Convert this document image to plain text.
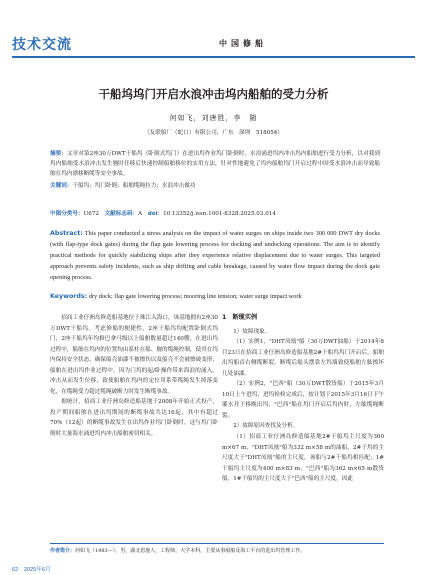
技术交流	中国修船
干船坞坞门开启水浪冲击坞内船舶的受力分析
何如飞，刘唐胜，李　随
（友联船厂（蛇口）有限公司，广东　深圳　518054）
摘要：文章对第2座30万DWT干船坞（卧倒式坞门）在进出坞作业坞门卧倒时，水浪涌进坞内冲击坞内船舶进行受力分析，以对我到坞内船舶受水浪冲击发生翘时任移后快速控制船舶移位的实用方法，针对性地避免了坞内船舶坞门开启过程中因受水浪冲击而导致船舶在坞内漂移断缆等安全事故。
关键词：干船坞；坞门卧倒；船舶缆绳拉力；水浪冲击做功
中图分类号：U672  文献标志码：A  doi：10.13352/j.issn.1001-8328.2025.03.014
Abstract: This paper conducted a stress analysis on the impact of water surges on ships inside two 300 000 DWT dry docks (with flap-type dock gates) during the flap gate lowering process for docking and undocking operations. The aim is to identify practical methods for quickly stabilizing ships after they experience relative displacement due to water surges. This targeted approach prevents safety incidents, such as ship drifting and cable breakage, caused by water flow impact during the dock gate opening process.
Keywords: dry dock; flap gate lowering process; mooring line tension; water surge impact work

招商工业仔洲岛修造船基地位于珠江入海口，该基地拥有2座30万DWT干船坞。考虑修船的便捷性，2座干船坞均配置卧倒式坞门，2座干船坞年均修巴拿马级以上船舶数量超过140艘，在进出坞过程中，船舶在坞内的位置均由系柱在船、舰的缆绳控制，使其在坞内保持安全状态，确保船壳油漆不被擦伤以及船壳不会被擦破变形；船舶在进出坞作业过程中，因为门坞的起/卧操作带来海浪的涌入，冲击从而发生位移，致使船舶在坞内的定位用系带缆绳发生掉落变化，在缆绳受力超过缆绳破断力时发生断缆事故。

据统计，招商工业仔洲岛修造船基地于2008年开始正式投产，投产期间船舶在进出坞期间的断缆事故共达16起，其中有超过70%（12起）的断缆事故发生在出坞作业坞门卧倒时。这与坞门卧倒时大量海水涌进坞内冲击船舶密切相关。

1　断缆实例

1）故障现象。

（1）实例1，"DHT凤凰"船（30万DWT油船）于2014年8月23日在招商工业仔洲岛修造船基地2#干船坞坞门开启后，船舶出坞船首右侧缆断裂，断缆后船头摆靠左坞墙致使船舶左舷擦坏几处油漆。

（2）实例2，"巴西"船（30万DWT散货船）于2015年3月10日上午进坞，进坞检修完成后，按计划于2015年3月16日下午灌水并于移晚出坞，"巴西"船在坞门开启后坞内时，左舷缆绳断裂。

2）故障原因查找及分析。

（1）招商工业仔洲岛修造船基地2#干船坞主尺度为360 m×67 m，"DHT凤凰"船为332 m×58 m的油船，2#干坞的主尺度大于"DHT凤凰"船的主尺度，该船与2#干船坞相匹配；1#干船坞主尺度为400 m×83 m，"巴西"船为362 m×65 m散货船，1#干船坞的主尺度大于"巴西"船的主尺度，因此

作者简介：何如飞（1983—），男，湖北恩施人，工程师，大学本科，主要从事船舶及海工平台的进出坞管理工作。
62　2025年6月
